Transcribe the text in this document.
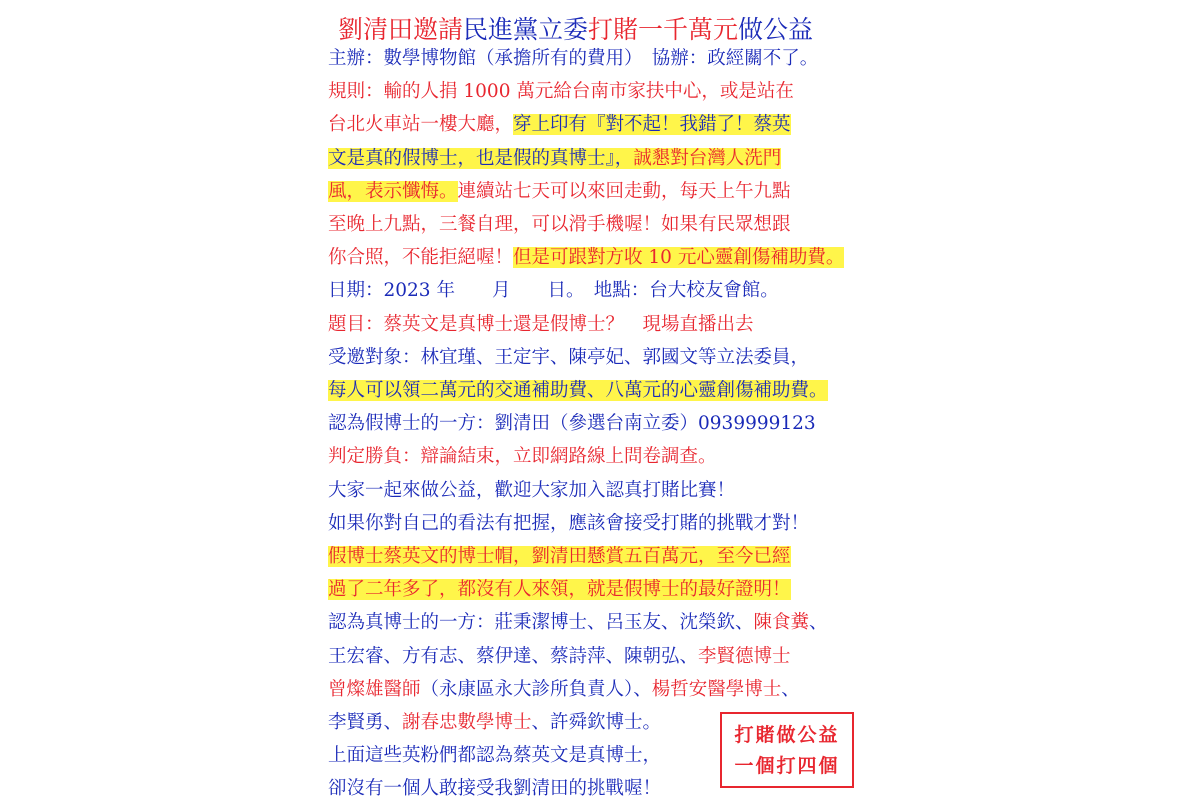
劉清田邀請民進黨立委打賭一千萬元做公益
主辦：數學博物館（承擔所有的費用）　協辦：政經關不了。
規則：輸的人捐 1000 萬元給台南市家扶中心，或是站在
台北火車站一樓大廳，穿上印有『對不起！我錯了！蔡英
文是真的假博士，也是假的真博士』，誠懇對台灣人洗門
風，表示懺悔。連續站七天可以來回走動，每天上午九點
至晚上九點，三餐自理，可以滑手機喔！如果有民眾想跟
你合照，不能拒絕喔！但是可跟對方收 10 元心靈創傷補助費。
日期：2023 年　　月　　日。　地點：台大校友會館。
題目：蔡英文是真博士還是假博士？　現場直播出去
受邀對象：林宜瑾、王定宇、陳亭妃、郭國文等立法委員，
每人可以領二萬元的交通補助費、八萬元的心靈創傷補助費。
認為假博士的一方：劉清田（參選台南立委）0939999123
判定勝負：辯論結束，立即網路線上問卷調查。
大家一起來做公益，歡迎大家加入認真打賭比賽！
如果你對自己的看法有把握，應該會接受打賭的挑戰才對！
假博士蔡英文的博士帽，劉清田懸賞五百萬元，至今已經
過了二年多了，都沒有人來領，就是假博士的最好證明！
認為真博士的一方：莊秉潔博士、呂玉友、沈榮欽、陳食糞、
王宏睿、方有志、蔡伊達、蔡詩萍、陳朝弘、李賢德博士
曾燦雄醫師（永康區永大診所負責人）、楊哲安醫學博士、
李賢勇、謝春忠數學博士、許舜欽博士。
打賭做公益
一個打四個
上面這些英粉們都認為蔡英文是真博士，
卻沒有一個人敢接受我劉清田的挑戰喔！
